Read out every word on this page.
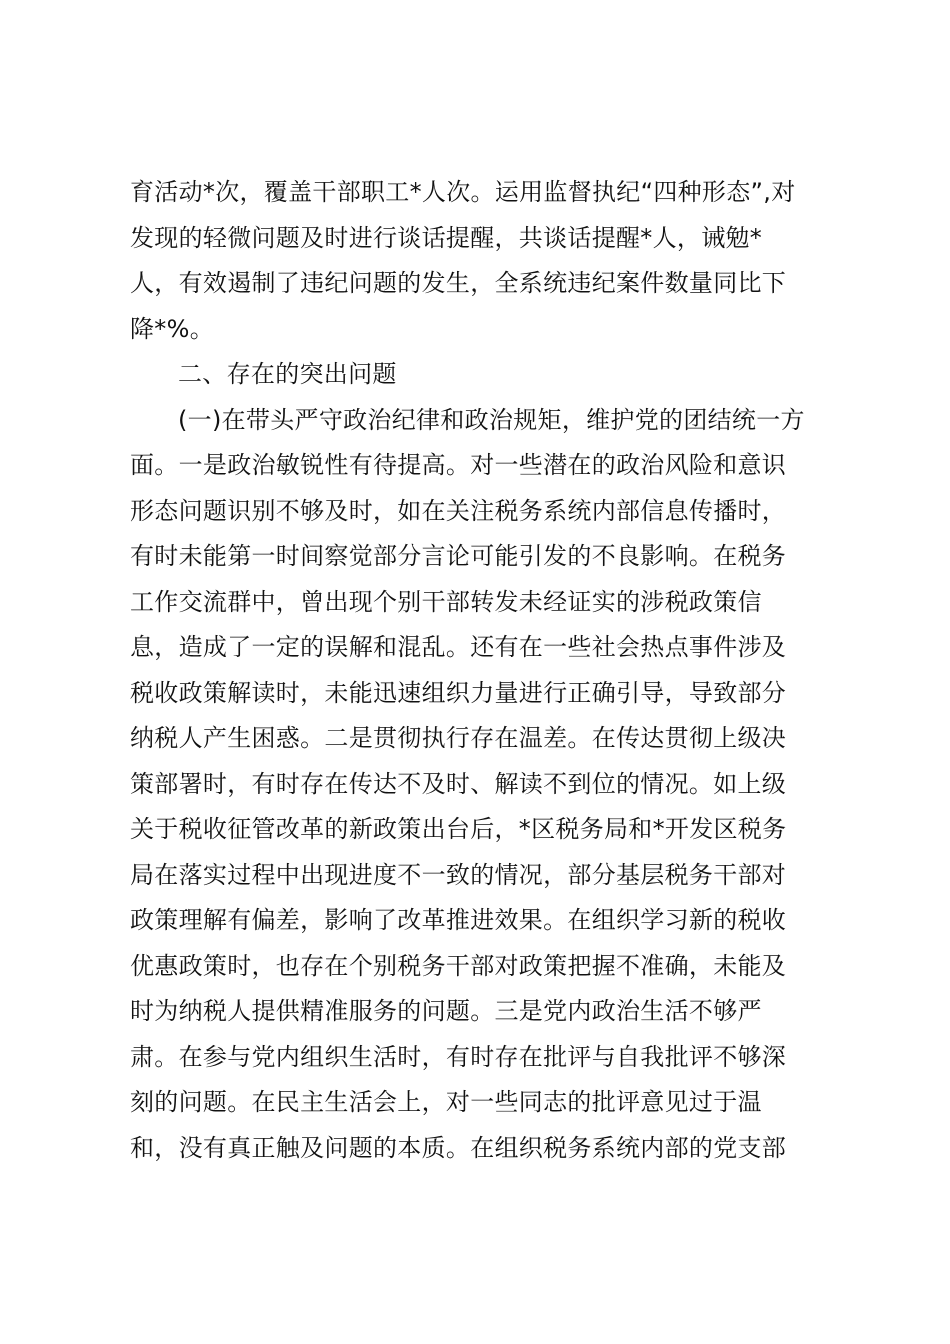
育活动*次，覆盖干部职工*人次。运用监督执纪“四种形态”,对
发现的轻微问题及时进行谈话提醒，共谈话提醒*人，诫勉*
人，有效遏制了违纪问题的发生，全系统违纪案件数量同比下
降*%。
二、存在的突出问题
(一)在带头严守政治纪律和政治规矩，维护党的团结统一方
面。一是政治敏锐性有待提高。对一些潜在的政治风险和意识
形态问题识别不够及时，如在关注税务系统内部信息传播时，
有时未能第一时间察觉部分言论可能引发的不良影响。在税务
工作交流群中，曾出现个别干部转发未经证实的涉税政策信
息，造成了一定的误解和混乱。还有在一些社会热点事件涉及
税收政策解读时，未能迅速组织力量进行正确引导，导致部分
纳税人产生困惑。二是贯彻执行存在温差。在传达贯彻上级决
策部署时，有时存在传达不及时、解读不到位的情况。如上级
关于税收征管改革的新政策出台后，*区税务局和*开发区税务
局在落实过程中出现进度不一致的情况，部分基层税务干部对
政策理解有偏差，影响了改革推进效果。在组织学习新的税收
优惠政策时，也存在个别税务干部对政策把握不准确，未能及
时为纳税人提供精准服务的问题。三是党内政治生活不够严
肃。在参与党内组织生活时，有时存在批评与自我批评不够深
刻的问题。在民主生活会上，对一些同志的批评意见过于温
和，没有真正触及问题的本质。在组织税务系统内部的党支部
